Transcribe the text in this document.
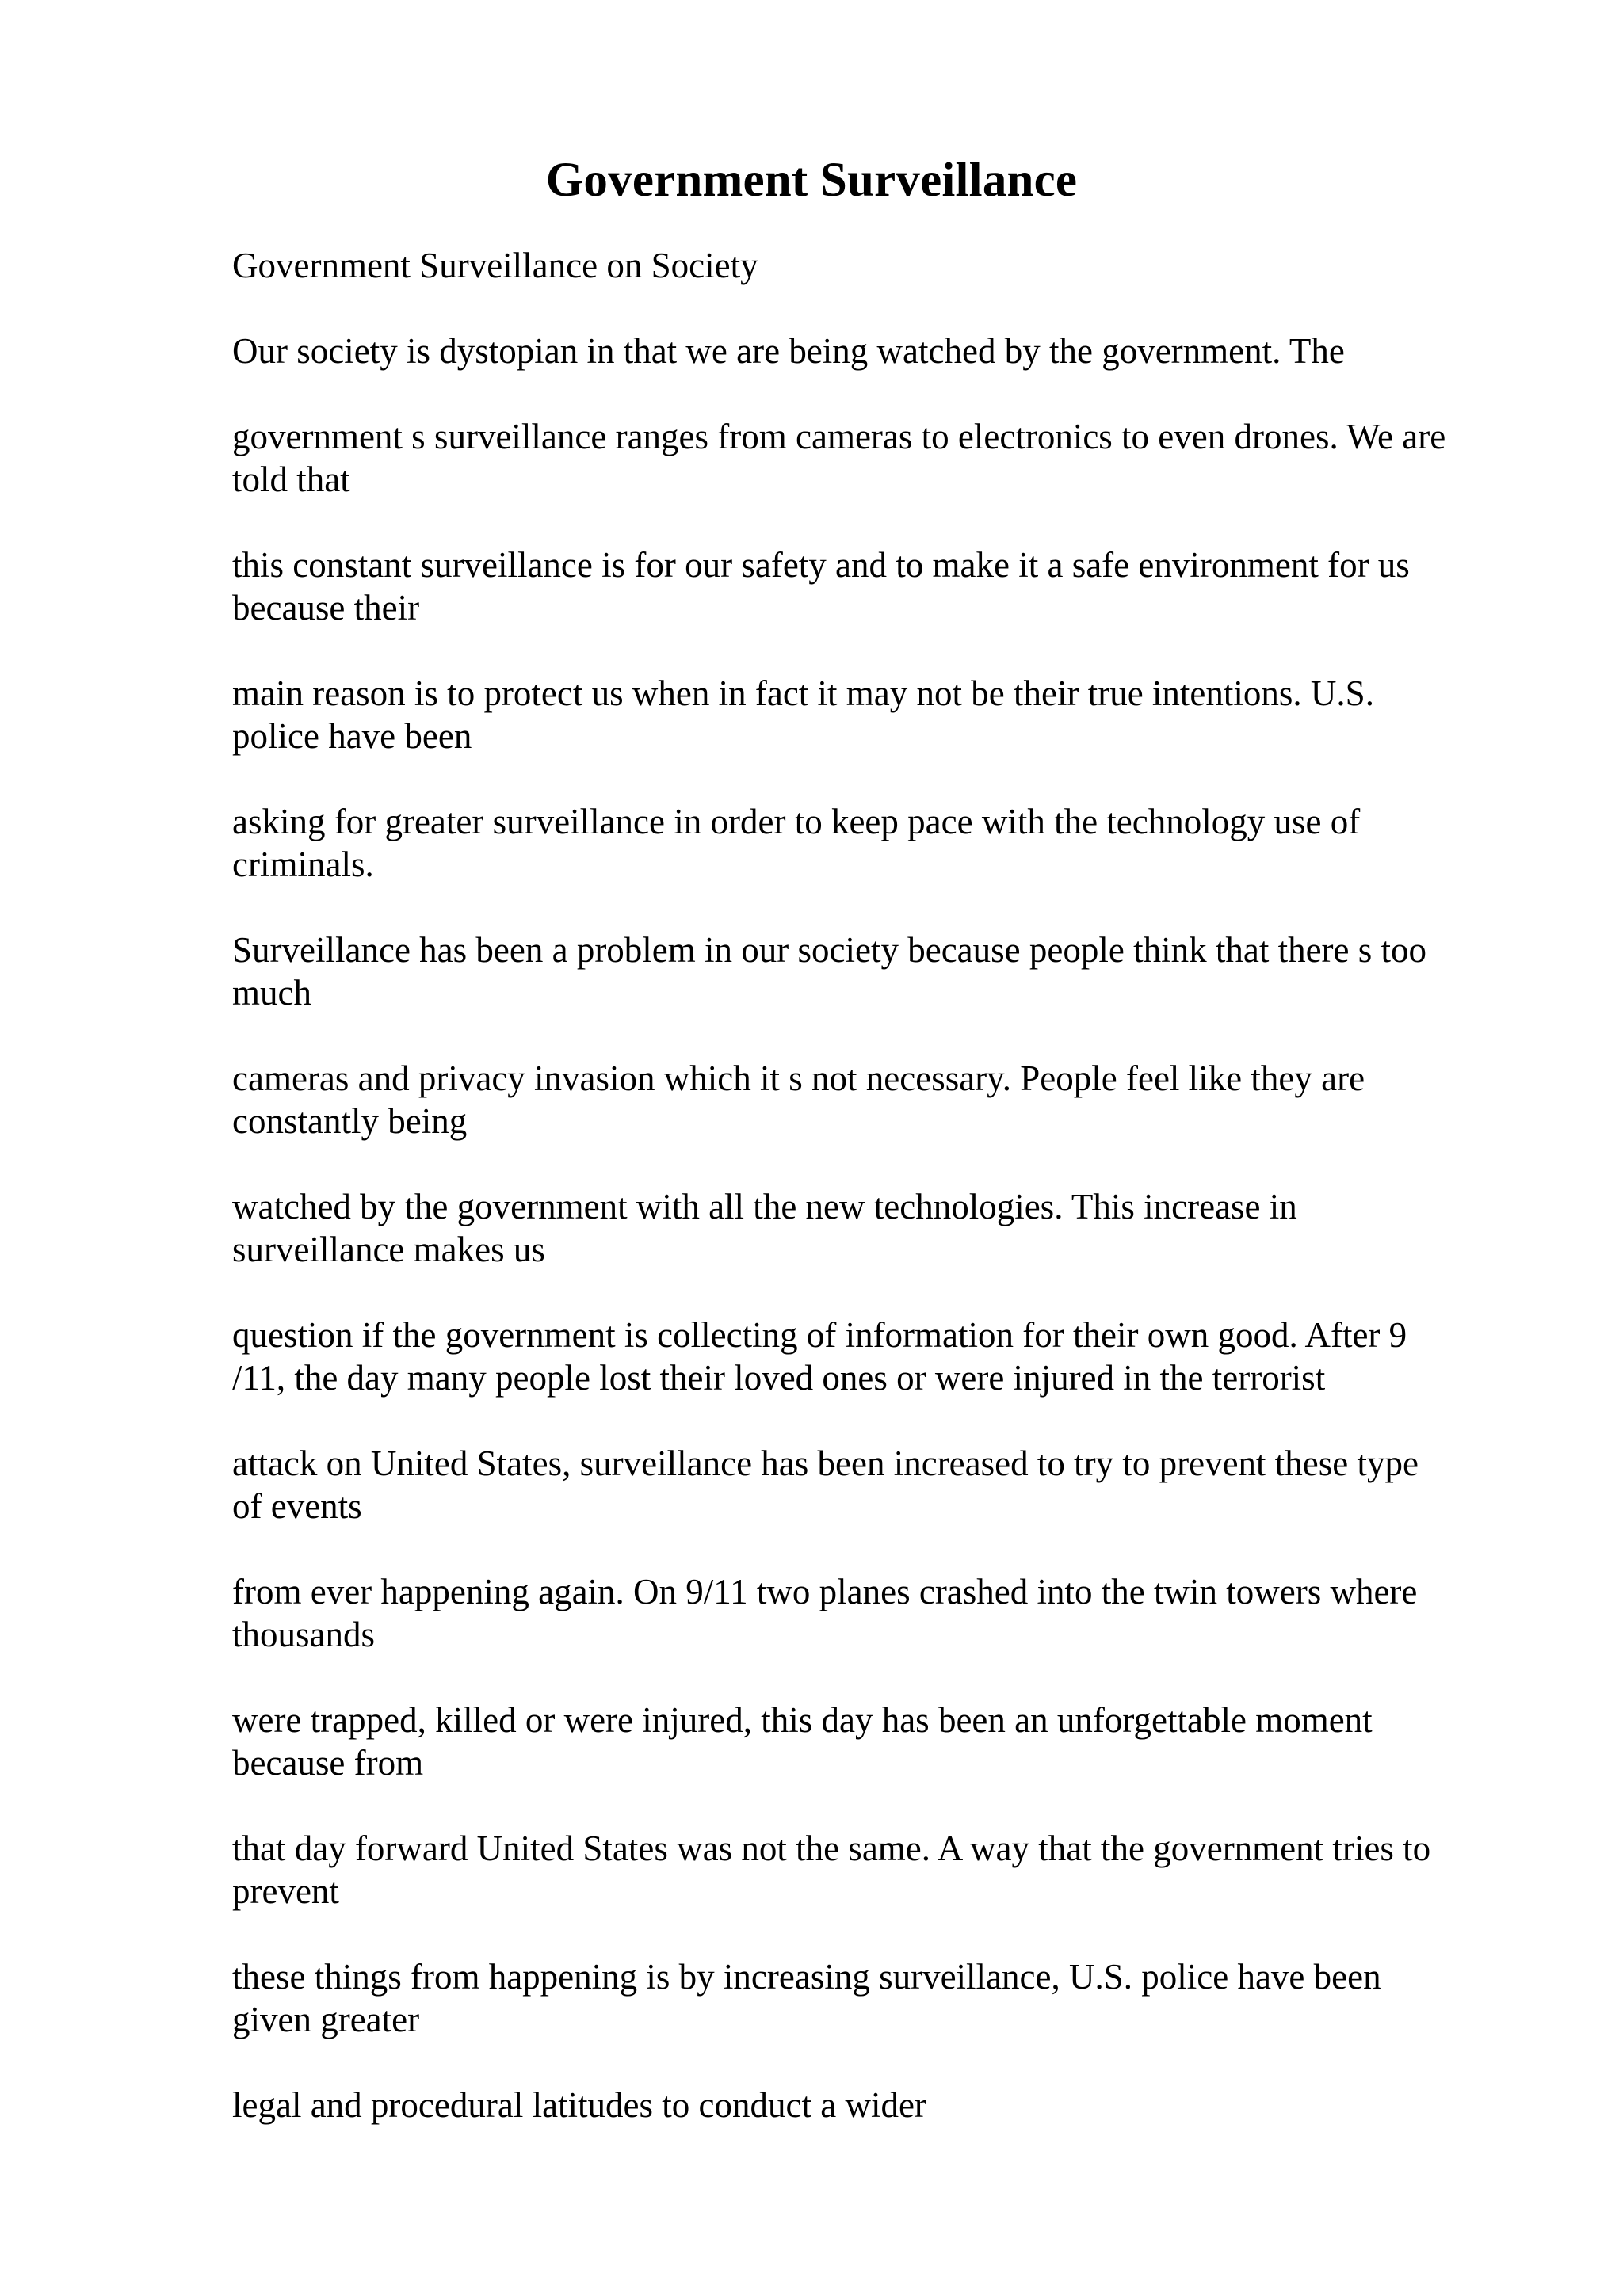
Government Surveillance

Government Surveillance on Society

Our society is dystopian in that we are being watched by the government. The

government s surveillance ranges from cameras to electronics to even drones. We are
told that

this constant surveillance is for our safety and to make it a safe environment for us
because their

main reason is to protect us when in fact it may not be their true intentions. U.S.
police have been

asking for greater surveillance in order to keep pace with the technology use of
criminals.

Surveillance has been a problem in our society because people think that there s too
much

cameras and privacy invasion which it s not necessary. People feel like they are
constantly being

watched by the government with all the new technologies. This increase in
surveillance makes us

question if the government is collecting of information for their own good. After 9
/11, the day many people lost their loved ones or were injured in the terrorist

attack on United States, surveillance has been increased to try to prevent these type
of events

from ever happening again. On 9/11 two planes crashed into the twin towers where
thousands

were trapped, killed or were injured, this day has been an unforgettable moment
because from

that day forward United States was not the same. A way that the government tries to
prevent

these things from happening is by increasing surveillance, U.S. police have been
given greater

legal and procedural latitudes to conduct a wider
